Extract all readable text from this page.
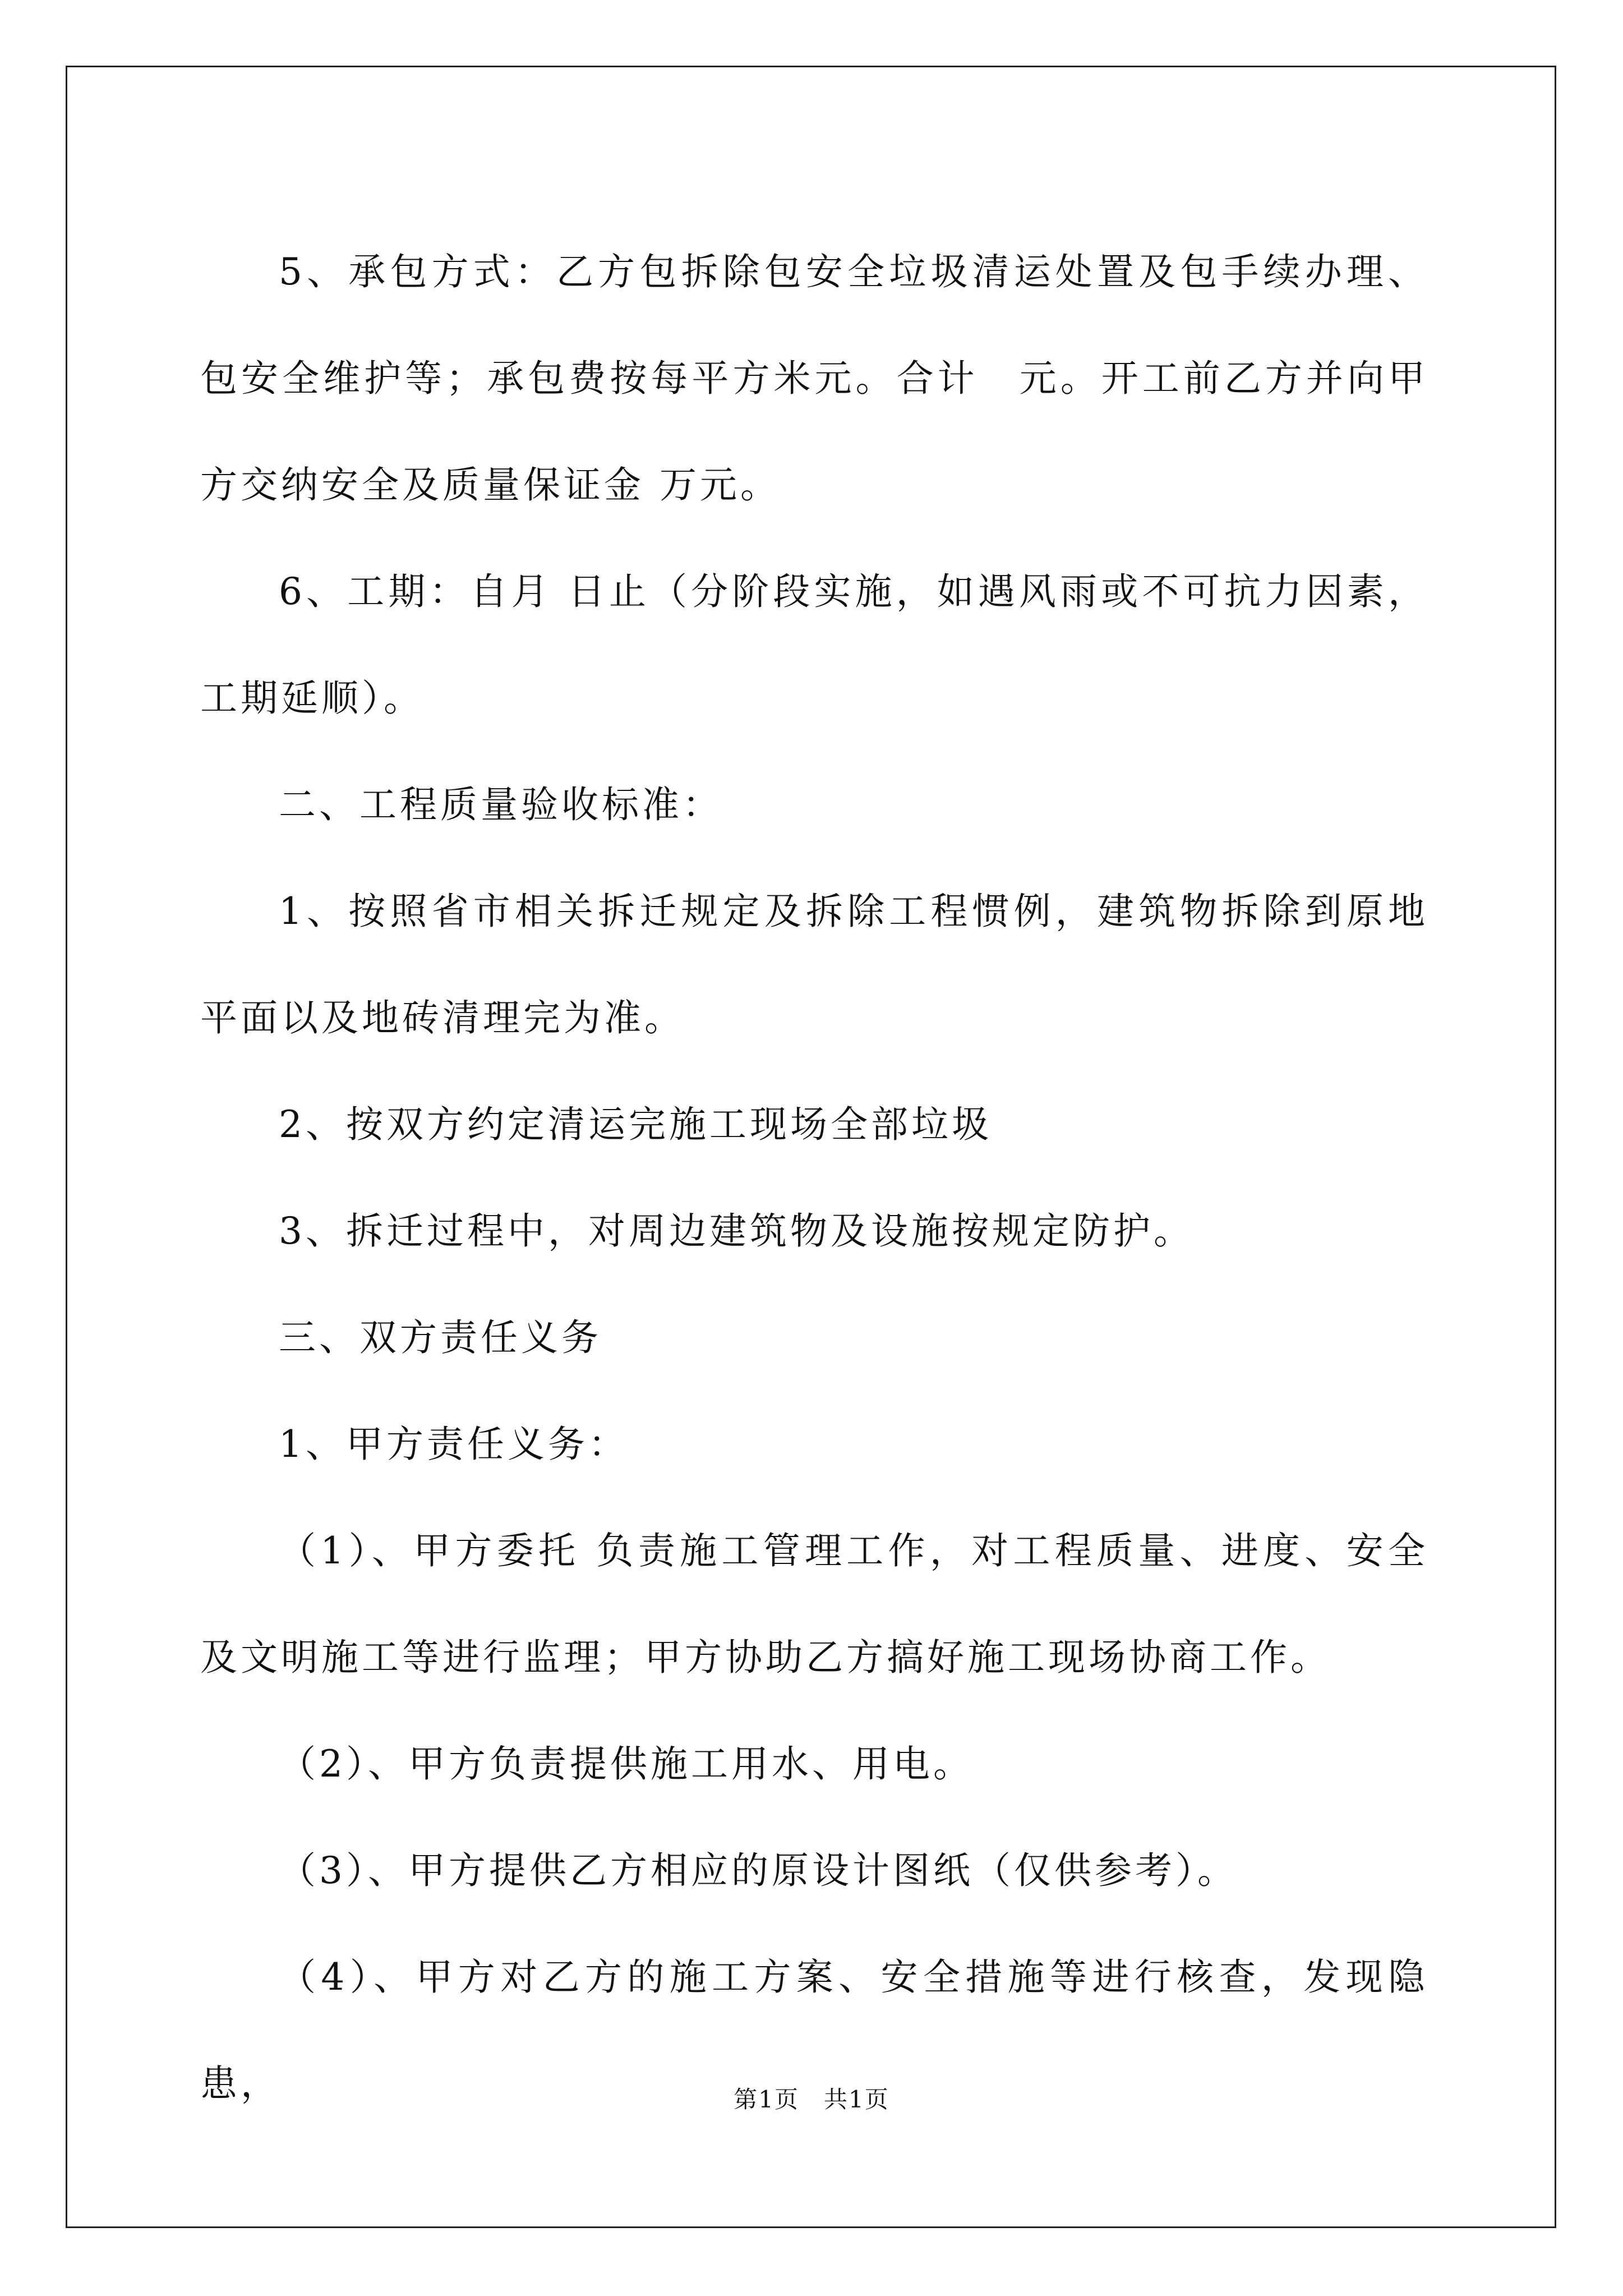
5、承包方式：乙方包拆除包安全垃圾清运处置及包手续办理、包安全维护等；承包费按每平方米元。合计　元。开工前乙方并向甲方交纳安全及质量保证金 万元。

6、工期：自月 日止（分阶段实施，如遇风雨或不可抗力因素，工期延顺）。

二、工程质量验收标准：

1、按照省市相关拆迁规定及拆除工程惯例，建筑物拆除到原地平面以及地砖清理完为准。

2、按双方约定清运完施工现场全部垃圾

3、拆迁过程中，对周边建筑物及设施按规定防护。

三、双方责任义务

1、甲方责任义务：

（1）、甲方委托 负责施工管理工作，对工程质量、进度、安全及文明施工等进行监理；甲方协助乙方搞好施工现场协商工作。

（2）、甲方负责提供施工用水、用电。

（3）、甲方提供乙方相应的原设计图纸（仅供参考）。

（4）、甲方对乙方的施工方案、安全措施等进行核查，发现隐患，	第1页　共1页
